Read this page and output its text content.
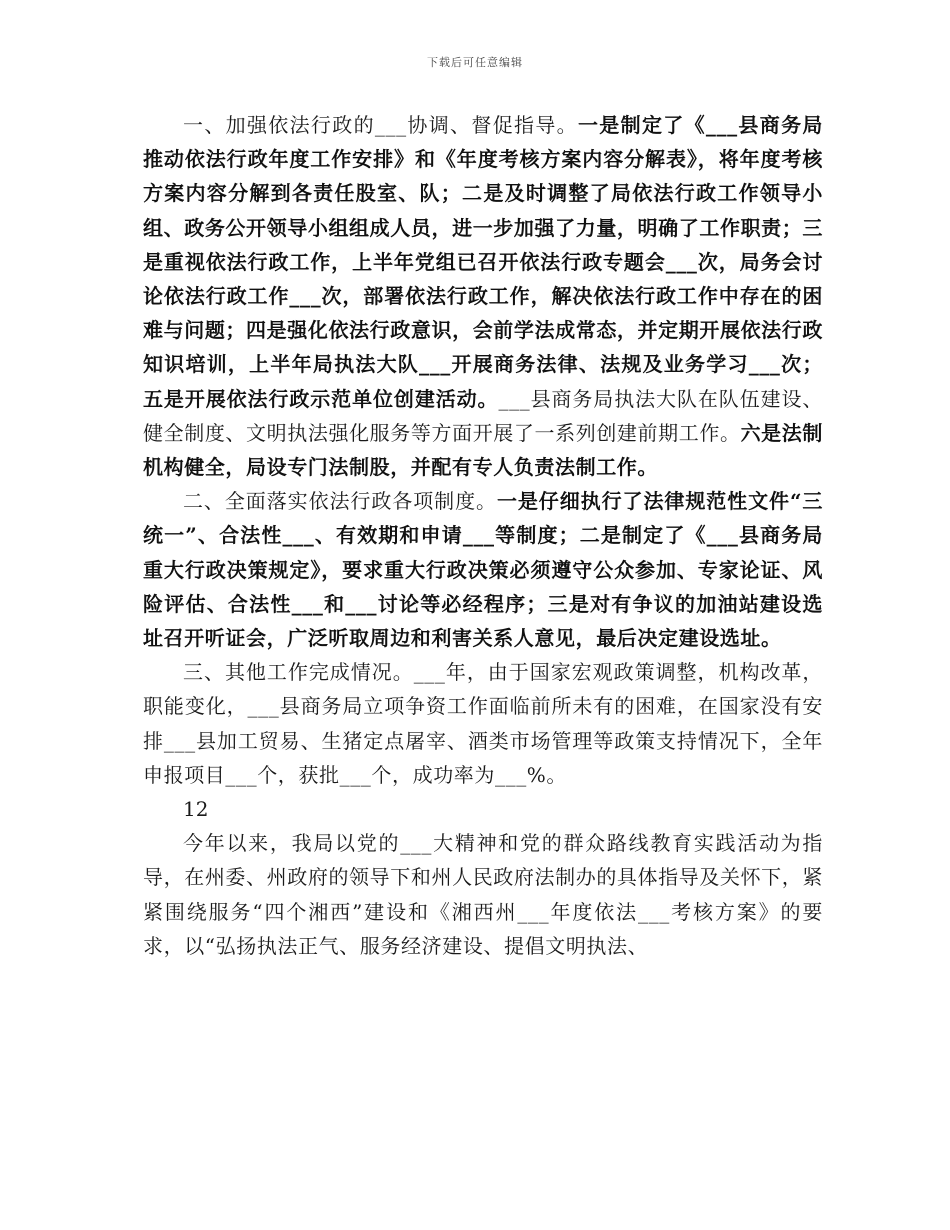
下载后可任意编辑

一、加强依法行政的___协调、督促指导。一是制定了《___县商务局推动依法行政年度工作安排》和《年度考核方案内容分解表》，将年度考核方案内容分解到各责任股室、队；二是及时调整了局依法行政工作领导小组、政务公开领导小组组成人员，进一步加强了力量，明确了工作职责；三是重视依法行政工作，上半年党组已召开依法行政专题会___次，局务会讨论依法行政工作___次，部署依法行政工作，解决依法行政工作中存在的困难与问题；四是强化依法行政意识，会前学法成常态，并定期开展依法行政知识培训，上半年局执法大队___开展商务法律、法规及业务学习___次；五是开展依法行政示范单位创建活动。___县商务局执法大队在队伍建设、健全制度、文明执法强化服务等方面开展了一系列创建前期工作。六是法制机构健全，局设专门法制股，并配有专人负责法制工作。

二、全面落实依法行政各项制度。一是仔细执行了法律规范性文件“三统一”、合法性___、有效期和申请___等制度；二是制定了《___县商务局重大行政决策规定》，要求重大行政决策必须遵守公众参加、专家论证、风险评估、合法性___和___讨论等必经程序；三是对有争议的加油站建设选址召开听证会，广泛听取周边和利害关系人意见，最后决定建设选址。

三、其他工作完成情况。___年，由于国家宏观政策调整，机构改革，职能变化，___县商务局立项争资工作面临前所未有的困难，在国家没有安排___县加工贸易、生猪定点屠宰、酒类市场管理等政策支持情况下，全年申报项目___个，获批___个，成功率为___%。

12

今年以来，我局以党的___大精神和党的群众路线教育实践活动为指导，在州委、州政府的领导下和州人民政府法制办的具体指导及关怀下，紧紧围绕服务“四个湘西”建设和《湘西州___年度依法___考核方案》的要求，以“弘扬执法正气、服务经济建设、提倡文明执法、
